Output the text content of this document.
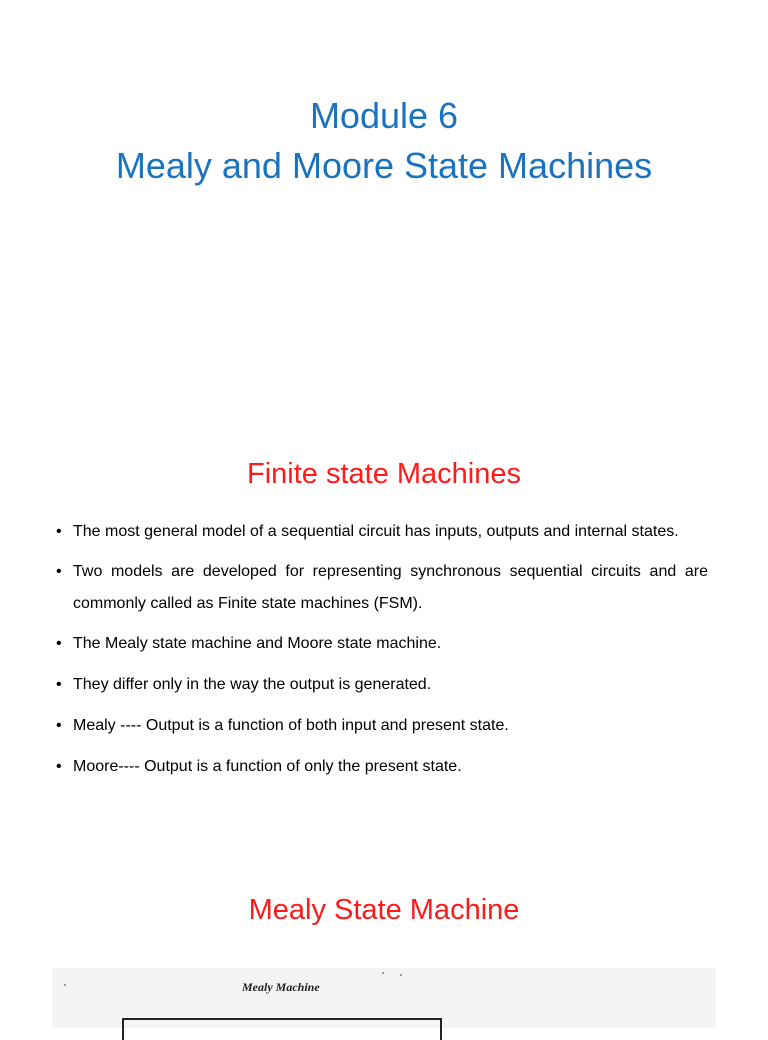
Module 6
Mealy and Moore State Machines
Finite state Machines
• The most general model of a sequential circuit has inputs, outputs and internal states.
• Two models are developed for representing synchronous sequential circuits and are commonly called as Finite state machines (FSM).
• The Mealy state machine and Moore state machine.
• They differ only in the way the output is generated.
• Mealy ---- Output is a function of both input and present state.
• Moore---- Output is a function of only the present state.
Mealy State Machine
Mealy Machine
